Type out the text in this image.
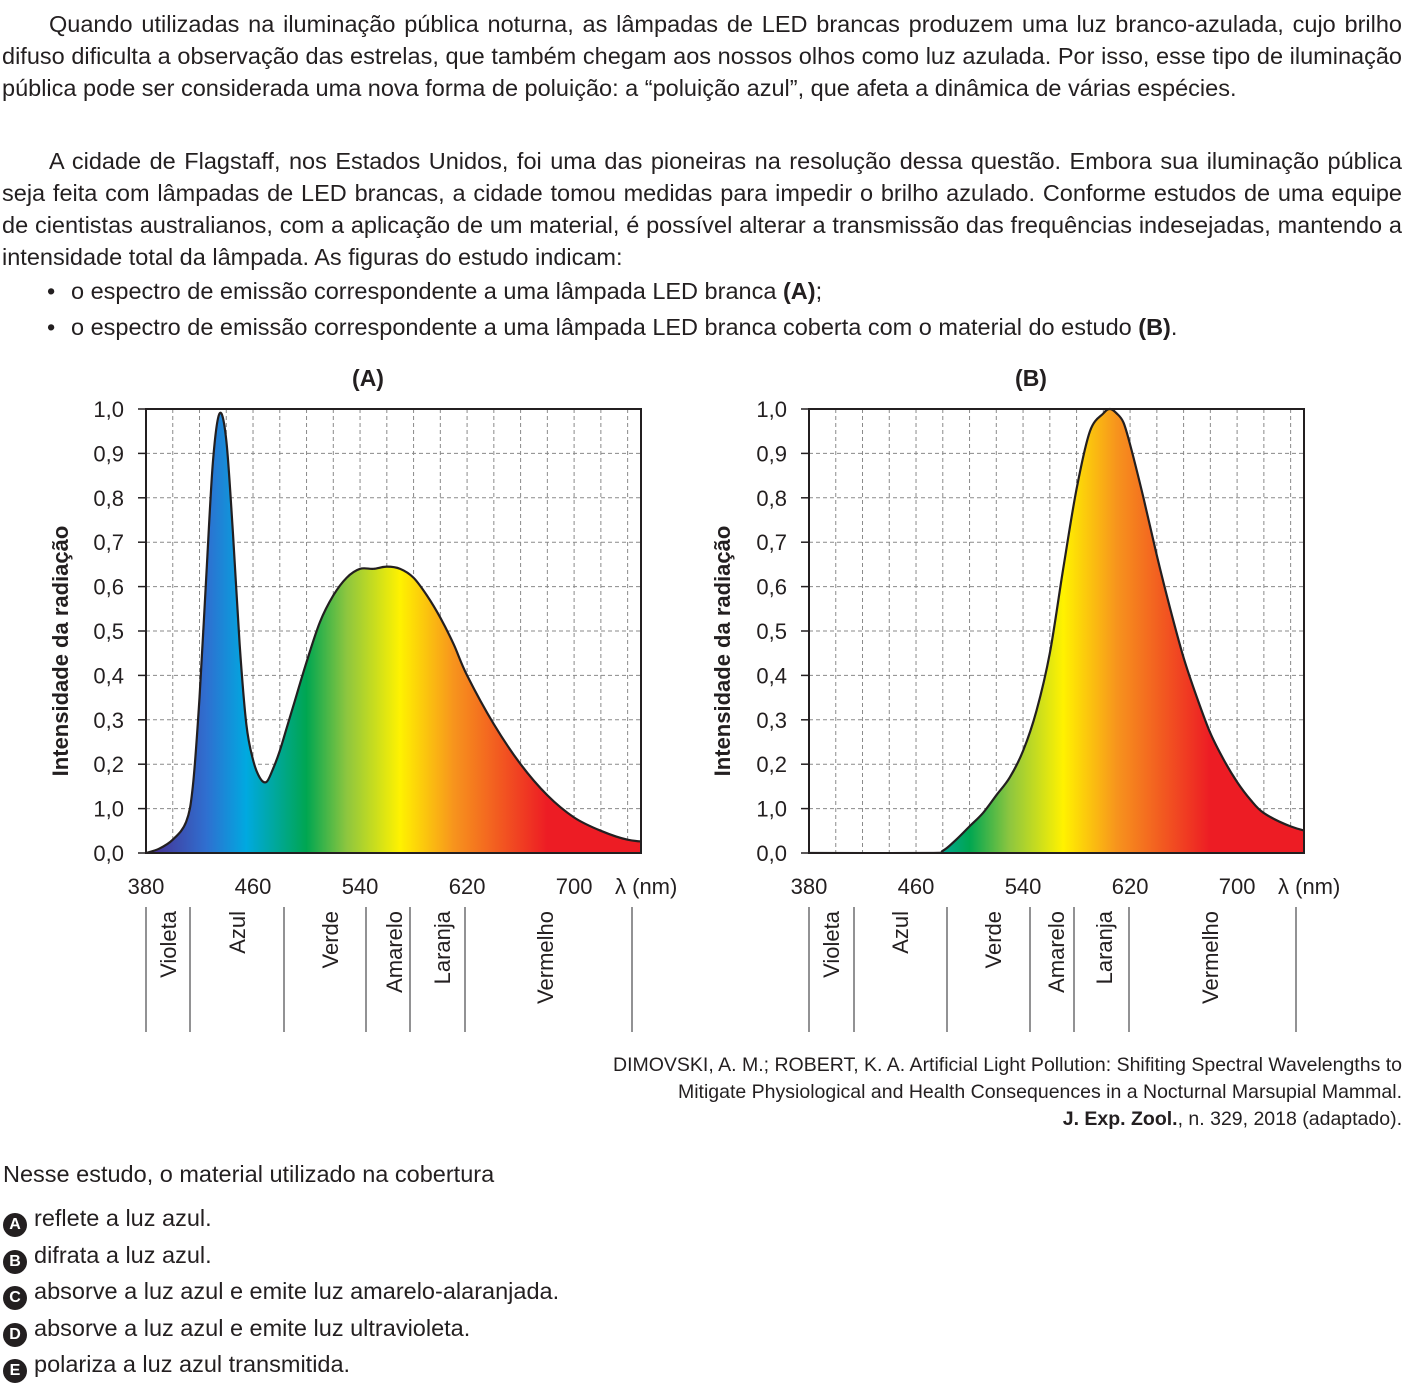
Quando utilizadas na iluminação pública noturna, as lâmpadas de LED brancas produzem uma luz branco-azulada, cujo brilho difuso dificulta a observação das estrelas, que também chegam aos nossos olhos como luz azulada. Por isso, esse tipo de iluminação pública pode ser considerada uma nova forma de poluição: a “poluição azul”, que afeta a dinâmica de várias espécies.

A cidade de Flagstaff, nos Estados Unidos, foi uma das pioneiras na resolução dessa questão. Embora sua iluminação pública seja feita com lâmpadas de LED brancas, a cidade tomou medidas para impedir o brilho azulado. Conforme estudos de uma equipe de cientistas australianos, com a aplicação de um material, é possível alterar a transmissão das frequências indesejadas, mantendo a intensidade total da lâmpada. As figuras do estudo indicam:

• o espectro de emissão correspondente a uma lâmpada LED branca (A);

• o espectro de emissão correspondente a uma lâmpada LED branca coberta com o material do estudo (B).

(A)
0,0
1,0
0,2
0,3
0,4
0,5
0,6
0,7
0,8
0,9
1,0
380	460	540	620	700 λ (nm)
Intensidade da radiação
Violeta Azul	Verde Amarelo Laranja	Vermelho
(B)
0,0
1,0
0,2
0,3
0,4
0,5
0,6
0,7
0,8
0,9
1,0
380	460	540	620	700 λ (nm)
Intensidade da radiação
Violeta Azul	Verde Amarelo Laranja	Vermelho
DIMOVSKI, A. M.; ROBERT, K. A. Artificial Light Pollution: Shifiting Spectral Wavelengths to
Mitigate Physiological and Health Consequences in a Nocturnal Marsupial Mammal.
J. Exp. Zool., n. 329, 2018 (adaptado).

Nesse estudo, o material utilizado na cobertura

A reflete a luz azul.
B difrata a luz azul.
C absorve a luz azul e emite luz amarelo-alaranjada.
D absorve a luz azul e emite luz ultravioleta.
E polariza a luz azul transmitida.
